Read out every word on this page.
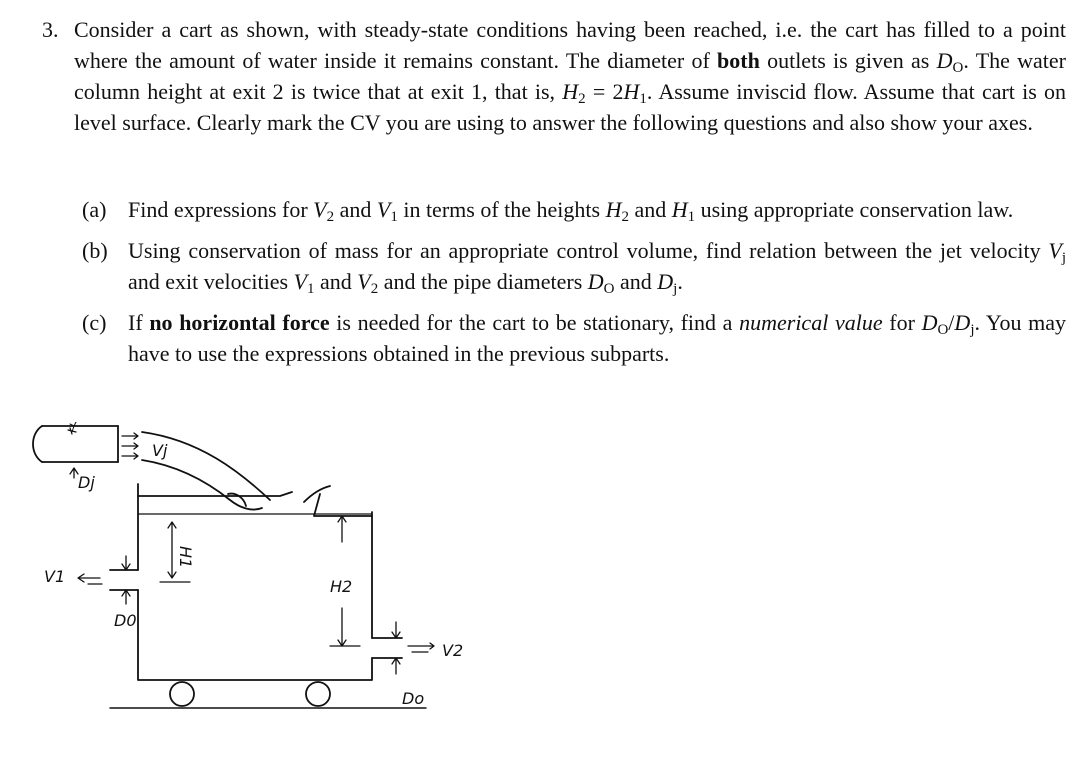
3. Consider a cart as shown, with steady-state conditions having been reached, i.e. the cart has filled to a point where the amount of water inside it remains constant. The diameter of both outlets is given as $D_O$. The water column height at exit 2 is twice that at exit 1, that is, $H_2 = 2H_1$. Assume inviscid flow. Assume that cart is on level surface. Clearly mark the CV you are using to answer the following questions and also show your axes.
(a) Find expressions for $V_2$ and $V_1$ in terms of the heights $H_2$ and $H_1$ using appropriate conservation law.
(b) Using conservation of mass for an appropriate control volume, find relation between the jet velocity $V_j$ and exit velocities $V_1$ and $V_2$ and the pipe diameters $D_O$ and $D_j$.
(c) If no horizontal force is needed for the cart to be stationary, find a numerical value for $D_O/D_j$. You may have to use the expressions obtained in the previous subparts.
Vj
Dj
H1
H2
V1
D0
Do
V2
